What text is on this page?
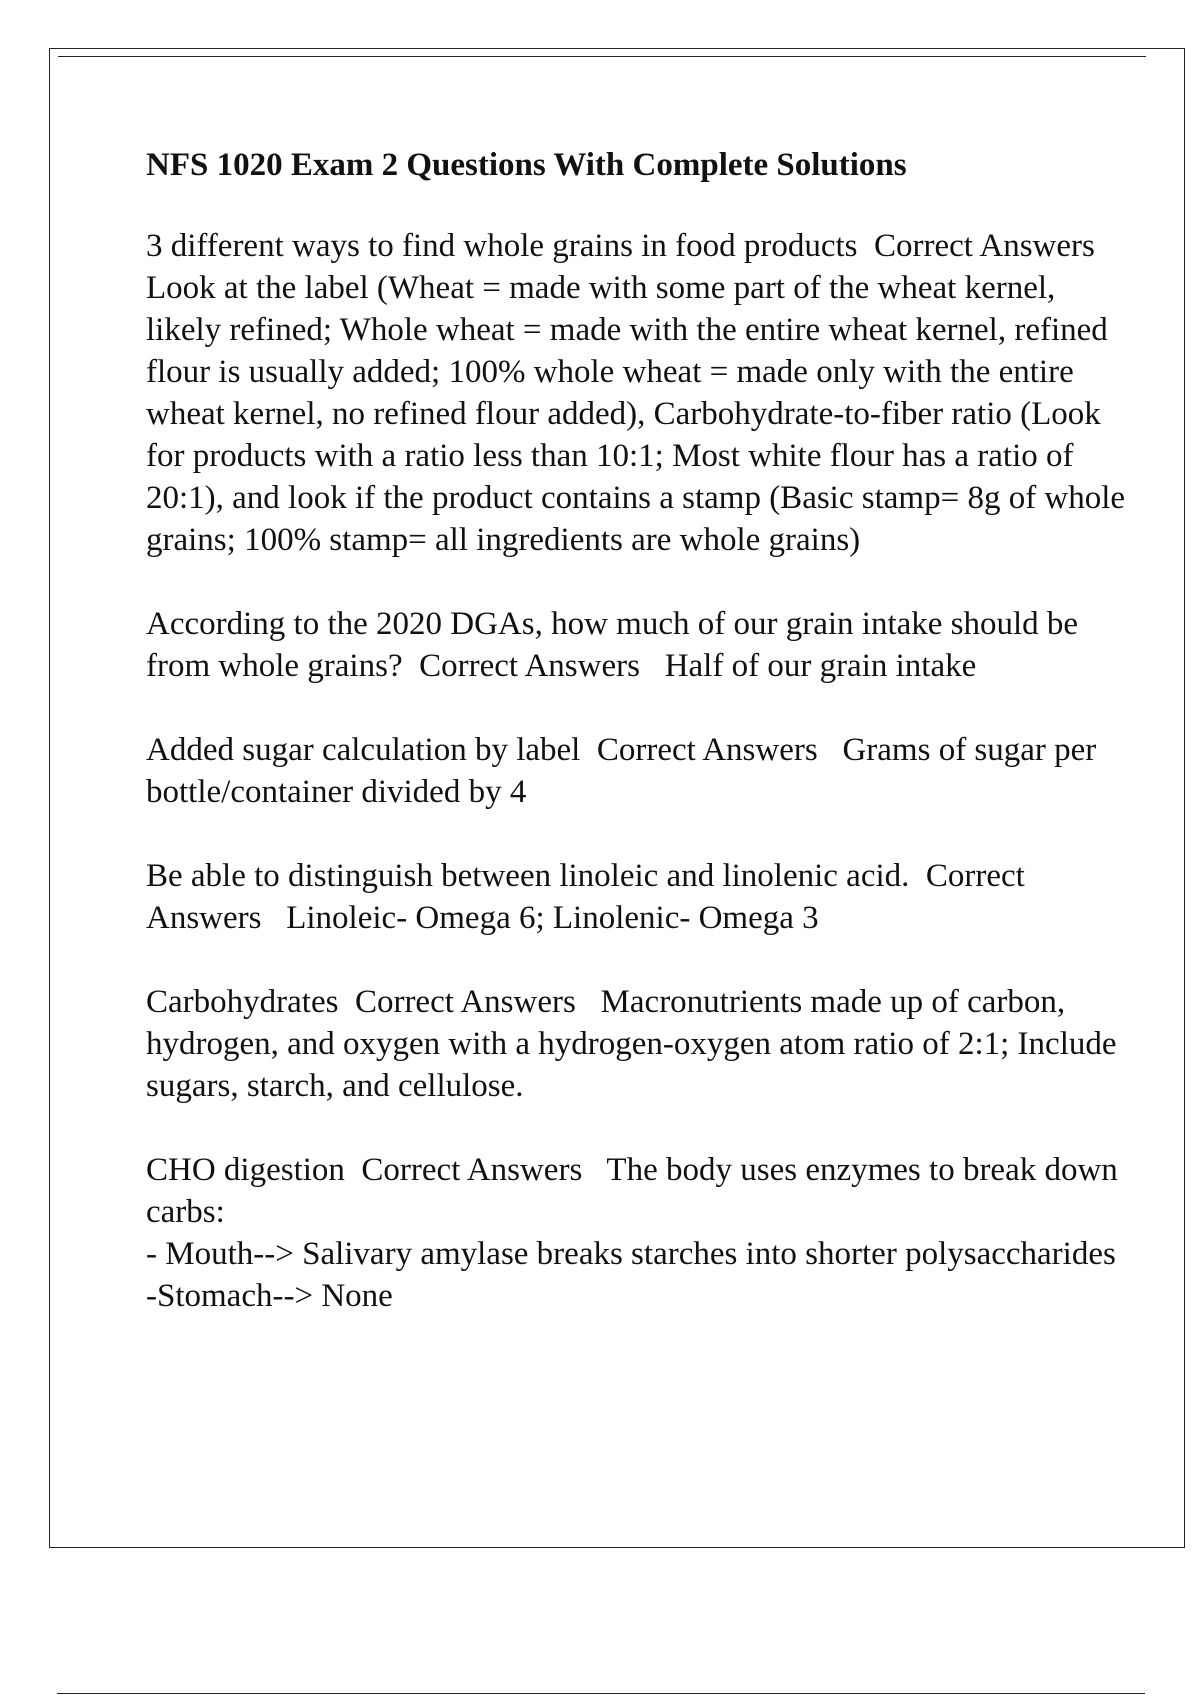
NFS 1020 Exam 2 Questions With Complete Solutions
3 different ways to find whole grains in food products  Correct Answers   Look at the label (Wheat = made with some part of the wheat kernel, likely refined; Whole wheat = made with the entire wheat kernel, refined flour is usually added; 100% whole wheat = made only with the entire wheat kernel, no refined flour added), Carbohydrate-to-fiber ratio (Look for products with a ratio less than 10:1; Most white flour has a ratio of 20:1), and look if the product contains a stamp (Basic stamp= 8g of whole grains; 100% stamp= all ingredients are whole grains)
According to the 2020 DGAs, how much of our grain intake should be from whole grains?  Correct Answers   Half of our grain intake
Added sugar calculation by label  Correct Answers   Grams of sugar per bottle/container divided by 4
Be able to distinguish between linoleic and linolenic acid.  Correct Answers   Linoleic- Omega 6; Linolenic- Omega 3
Carbohydrates  Correct Answers   Macronutrients made up of carbon, hydrogen, and oxygen with a hydrogen-oxygen atom ratio of 2:1; Include sugars, starch, and cellulose.
CHO digestion  Correct Answers   The body uses enzymes to break down carbs:
- Mouth--> Salivary amylase breaks starches into shorter polysaccharides
-Stomach--> None
